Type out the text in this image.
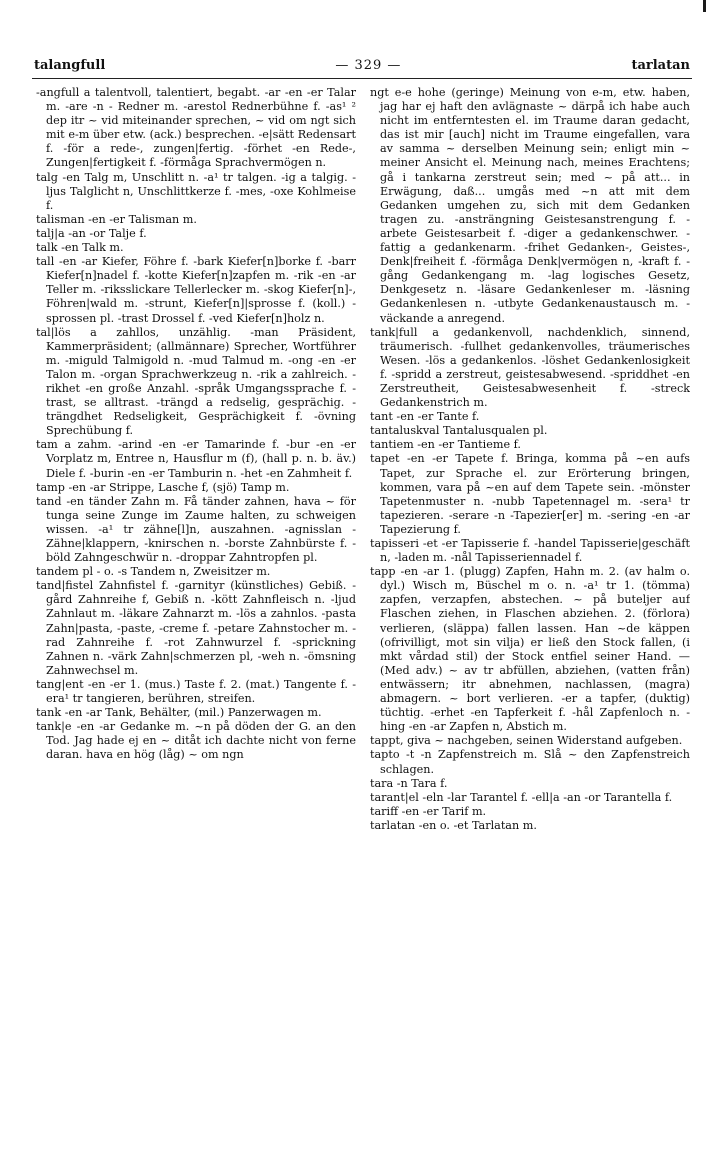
talangfull	— 329 —	tarlatan

-angfull a talentvoll, talentiert, begabt. -ar -en -er Talar m. -are -n - Redner m. -arestol Rednerbühne f. -as¹ ² dep itr ~ vid miteinander sprechen, ~ vid om ngt sich mit e-m über etw. (ack.) besprechen. -e|sätt Redensart f. -för a rede-, zungen|fertig. -förhet -en Rede-, Zungen|fertigkeit f. -förmåga Sprachvermögen n.

talg -en Talg m, Unschlitt n. -a¹ tr talgen. -ig a talgig. -ljus Talglicht n, Unschlittkerze f. -mes, -oxe Kohlmeise f.

talisman -en -er Talisman m.

talj|a -an -or Talje f.

talk -en Talk m.

tall -en -ar Kiefer, Föhre f. -bark Kiefer[n]borke f. -barr Kiefer[n]nadel f. -kotte Kiefer[n]zapfen m. -rik -en -ar Teller m. -riksslickare Tellerlecker m. -skog Kiefer[n]-, Föhren|wald m. -strunt, Kiefer[n]|sprosse f. (koll.) -sprossen pl. -trast Drossel f. -ved Kiefer[n]holz n.

tal|lös a zahllos, unzählig. -man Präsident, Kammerpräsident; (allmännare) Sprecher, Wortführer m. -miguld Talmigold n. -mud Talmud m. -ong -en -er Talon m. -organ Sprachwerkzeug n. -rik a zahlreich. -rikhet -en große Anzahl. -språk Umgangssprache f. -trast, se alltrast. -trängd a redselig, gesprächig. -trängdhet Redseligkeit, Gesprächigkeit f. -övning Sprechübung f.

tam a zahm. -arind -en -er Tamarinde f. -bur -en -er Vorplatz m, Entree n, Hausflur m (f), (hall p. n. b. äv.) Diele f. -burin -en -er Tamburin n. -het -en Zahmheit f.

tamp -en -ar Strippe, Lasche f, (sjö) Tamp m.

tand -en tänder Zahn m. Få tänder zahnen, hava ~ för tunga seine Zunge im Zaume halten, zu schweigen wissen. -a¹ tr zähne[l]n, auszahnen. -agnisslan - Zähne|klappern, -knirschen n. -borste Zahnbürste f. -böld Zahngeschwür n. -droppar Zahntropfen pl.

tandem pl - o. -s Tandem n, Zweisitzer m.

tand|fistel Zahnfistel f. -garnityr (künstliches) Gebiß. -gård Zahnreihe f, Gebiß n. -kött Zahnfleisch n. -ljud Zahnlaut m. -läkare Zahnarzt m. -lös a zahnlos. -pasta Zahn|pasta, -paste, -creme f. -petare Zahnstocher m. -rad Zahnreihe f. -rot Zahnwurzel f. -sprickning Zahnen n. -värk Zahn|schmerzen pl, -weh n. -ömsning Zahnwechsel m.

tang|ent -en -er 1. (mus.) Taste f. 2. (mat.) Tangente f. -era¹ tr tangieren, berühren, streifen.

tank -en -ar Tank, Behälter, (mil.) Panzerwagen m.

tank|e -en -ar Gedanke m. ~n på döden der G. an den Tod. Jag hade ej en ~ ditåt ich dachte nicht von ferne daran. hava en hög (låg) ~ om ngn

ngt e-e hohe (geringe) Meinung von e-m, etw. haben, jag har ej haft den avlägnaste ~ därpå ich habe auch nicht im entferntesten el. im Traume daran gedacht, das ist mir [auch] nicht im Traume eingefallen, vara av samma ~ derselben Meinung sein; enligt min ~ meiner Ansicht el. Meinung nach, meines Erachtens; gå i tankarna zerstreut sein; med ~ på att... in Erwägung, daß... umgås med ~n att mit dem Gedanken umgehen zu, sich mit dem Gedanken tragen zu. -ansträngning Geistesanstrengung f. -arbete Geistesarbeit f. -diger a gedankenschwer. -fattig a gedankenarm. -frihet Gedanken-, Geistes-, Denk|freiheit f. -förmåga Denk|vermögen n, -kraft f. -gång Gedankengang m. -lag logisches Gesetz, Denkgesetz n. -läsare Gedankenleser m. -läsning Gedankenlesen n. -utbyte Gedankenaustausch m. -väckande a anregend.

tank|full a gedankenvoll, nachdenklich, sinnend, träumerisch. -fullhet gedankenvolles, träumerisches Wesen. -lös a gedankenlos. -löshet Gedankenlosigkeit f. -spridd a zerstreut, geistesabwesend. -spriddhet -en Zerstreutheit, Geistesabwesenheit f. -streck Gedankenstrich m.

tant -en -er Tante f.

tantaluskval Tantalusqualen pl.

tantiem -en -er Tantieme f.

tapet -en -er Tapete f. Bringa, komma på ~en aufs Tapet, zur Sprache el. zur Erörterung bringen, kommen, vara på ~en auf dem Tapete sein. -mönster Tapetenmuster n. -nubb Tapetennagel m. -sera¹ tr tapezieren. -serare -n -Tapezier[er] m. -sering -en -ar Tapezierung f.

tapisseri -et -er Tapisserie f. -handel Tapisserie|geschäft n, -laden m. -nål Tapisseriennadel f.

tapp -en -ar 1. (plugg) Zapfen, Hahn m. 2. (av halm o. dyl.) Wisch m, Büschel m o. n. -a¹ tr 1. (tömma) zapfen, verzapfen, abstechen. ~ på buteljer auf Flaschen ziehen, in Flaschen abziehen. 2. (förlora) verlieren, (släppa) fallen lassen. Han ~de käppen (ofrivilligt, mot sin vilja) er ließ den Stock fallen, (i mkt vårdad stil) der Stock entfiel seiner Hand. — (Med adv.) ~ av tr abfüllen, abziehen, (vatten från) entwässern; itr abnehmen, nachlassen, (magra) abmagern. ~ bort verlieren. -er a tapfer, (duktig) tüchtig. -erhet -en Tapferkeit f. -hål Zapfenloch n. -hing -en -ar Zapfen n, Abstich m.

tappt, giva ~ nachgeben, seinen Widerstand aufgeben.

tapto -t -n Zapfenstreich m. Slå ~ den Zapfenstreich schlagen.

tara -n Tara f.

tarant|el -eln -lar Tarantel f. -ell|a -an -or Tarantella f.

tariff -en -er Tarif m.

tarlatan -en o. -et Tarlatan m.
